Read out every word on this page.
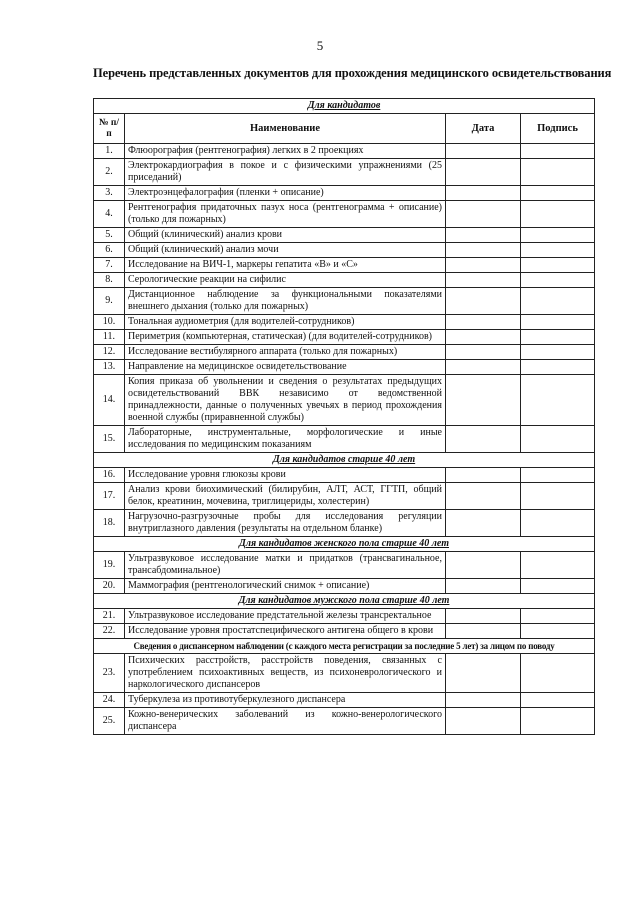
5
Перечень представленных документов для прохождения медицинского освидетельствования
Для кандидатов			
№ п/п	Наименование	Дата	Подпись
1.	Флюорография (рентгенография) легких в 2 проекциях		
2.	Электрокардиография в покое и с физическими упражнениями (25 приседаний)		
3.	Электроэнцефалография (пленки + описание)		
4.	Рентгенография придаточных пазух носа (рентгенограмма + описание) (только для пожарных)		
5.	Общий (клинический) анализ крови		
6.	Общий (клинический) анализ мочи		
7.	Исследование на ВИЧ-1, маркеры гепатита «В» и «С»		
8.	Серологические реакции на сифилис		
9.	Дистанционное наблюдение за функциональными показателями внешнего дыхания (только для пожарных)		
10.	Тональная аудиометрия (для водителей-сотрудников)		
11.	Периметрия (компьютерная, статическая) (для водителей-сотрудников)		
12.	Исследование вестибулярного аппарата (только для пожарных)		
13.	Направление на медицинское освидетельствование		
14.	Копия приказа об увольнении и сведения о результатах предыдущих освидетельствований ВВК независимо от ведомственной принадлежности, данные о полученных увечьях в период прохождения военной службы (приравненной службы)		
15.	Лабораторные, инструментальные, морфологические и иные исследования по медицинским показаниям		
Для кандидатов старше 40 лет			
16.	Исследование уровня глюкозы крови		
17.	Анализ крови биохимический (билирубин, АЛТ, АСТ, ГГТП, общий белок, креатинин, мочевина, триглицериды, холестерин)		
18.	Нагрузочно-разгрузочные пробы для исследования регуляции внутриглазного давления (результаты на отдельном бланке)		
Для кандидатов женского пола старше 40 лет			
19.	Ультразвуковое исследование матки и придатков (трансвагинальное, трансабдоминальное)		
20.	Маммография (рентгенологический снимок + описание)		
Для кандидатов мужского пола старше 40 лет			
21.	Ультразвуковое исследование предстательной железы трансректальное		
22.	Исследование уровня простатспецифического антигена общего в крови		
Сведения о диспансерном наблюдении (с каждого места регистрации за последние 5 лет) за лицом по поводу			
23.	Психических расстройств, расстройств поведения, связанных с употреблением психоактивных веществ, из психоневрологического и наркологического диспансеров		
24.	Туберкулеза из противотуберкулезного диспансера		
25.	Кожно-венерических заболеваний из кожно-венерологического диспансера		
